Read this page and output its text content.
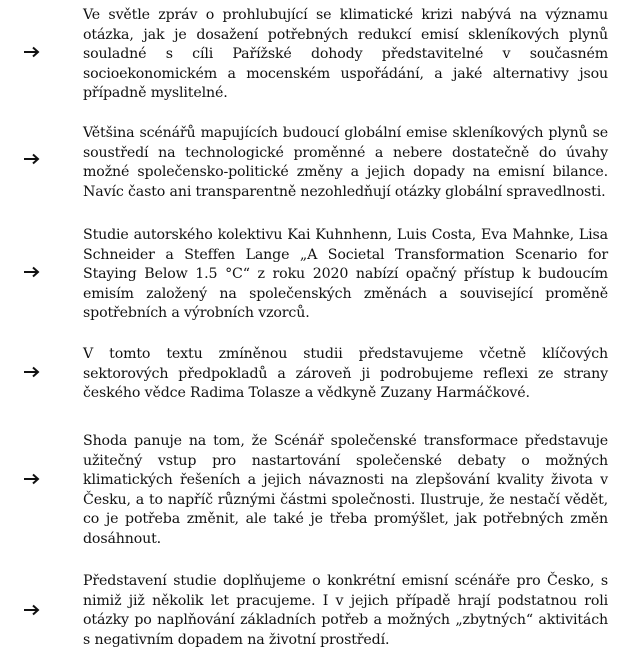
Ve světle zpráv o prohlubující se klimatické krizi nabývá na významu otázka, jak je dosažení potřebných redukcí emisí skleníkových plynů souladné s cíli Pařížské dohody představitelné v současném socioekonomickém a mocenském uspořádání, a jaké alternativy jsou případně myslitelné.

Většina scénářů mapujících budoucí globální emise skleníkových plynů se soustředí na technologické proměnné a nebere dostatečně do úvahy možné společensko-politické změny a jejich dopady na emisní bilance. Navíc často ani transparentně nezohledňují otázky globální spravedlnosti.

Studie autorského kolektivu Kai Kuhnhenn, Luis Costa, Eva Mahnke, Lisa Schneider a Steffen Lange „A Societal Transformation Scenario for Staying Below 1.5 °C“ z roku 2020 nabízí opačný přístup k budoucím emisím založený na společenských změnách a související proměně spotřebních a výrobních vzorců.

V tomto textu zmíněnou studii představujeme včetně klíčových sektorových předpokladů a zároveň ji podrobujeme reflexi ze strany českého vědce Radima Tolasze a vědkyně Zuzany Harmáčkové.

Shoda panuje na tom, že Scénář společenské transformace představuje užitečný vstup pro nastartování společenské debaty o možných klimatických řešeních a jejich návaznosti na zlepšování kvality života v Česku, a to napříč různými částmi společnosti. Ilustruje, že nestačí vědět, co je potřeba změnit, ale také je třeba promýšlet, jak potřebných změn dosáhnout.

Představení studie doplňujeme o konkrétní emisní scénáře pro Česko, s nimiž již několik let pracujeme. I v jejich případě hrají podstatnou roli otázky po naplňování základních potřeb a možných „zbytných“ aktivitách s negativním dopadem na životní prostředí.
